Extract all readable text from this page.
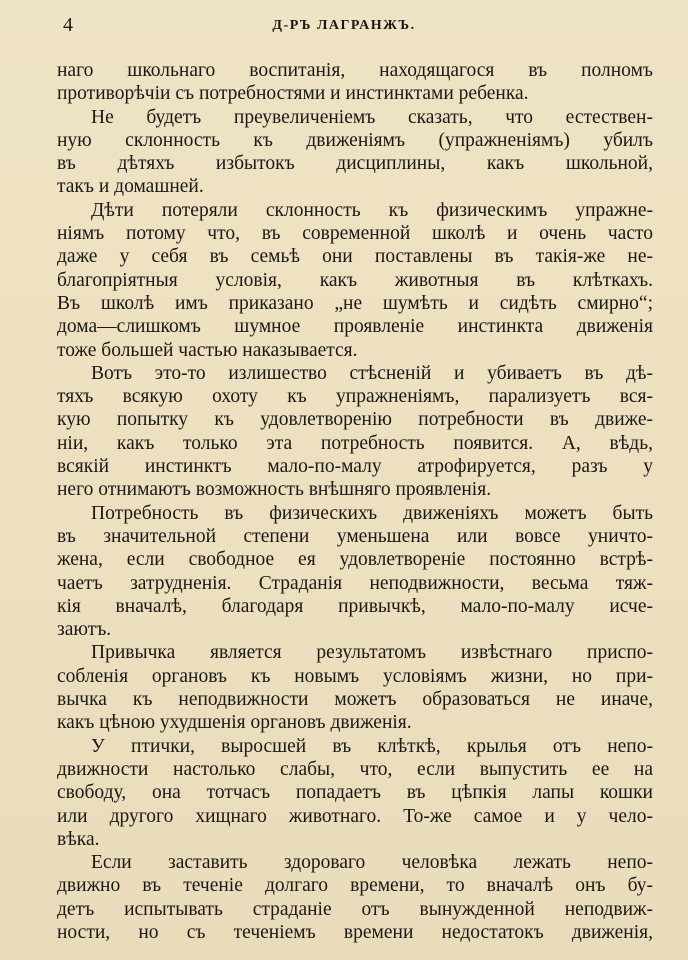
4	Д-РЪ ЛАГРАНЖЪ.
наго школьнаго воспитанія, находящагося въ полномъ
противорѣчіи съ потребностями и инстинктами ребенка.
Не будетъ преувеличеніемъ сказать, что естествен-
ную склонность къ движеніямъ (упражненіямъ) убилъ
въ дѣтяхъ избытокъ дисциплины, какъ школьной,
такъ и домашней.
Дѣти потеряли склонность къ физическимъ упражне-
ніямъ потому что, въ современной школѣ и очень часто
даже у себя въ семьѣ они поставлены въ такія-же не-
благопріятныя условія, какъ животныя въ клѣткахъ.
Въ школѣ имъ приказано „не шумѣть и сидѣть смирно“;
дома—слишкомъ шумное проявленіе инстинкта движенія
тоже большей частью наказывается.
Вотъ это-то излишество стѣсненій и убиваетъ въ дѣ-
тяхъ всякую охоту къ упражненіямъ, парализуетъ вся-
кую попытку къ удовлетворенію потребности въ движе-
ніи, какъ только эта потребность появится. А, вѣдь,
всякій инстинктъ мало-по-малу атрофируется, разъ у
него отнимаютъ возможность внѣшняго проявленія.
Потребность въ физическихъ движеніяхъ можетъ быть
въ значительной степени уменьшена или вовсе уничто-
жена, если свободное ея удовлетвореніе постоянно встрѣ-
чаетъ затрудненія. Страданія неподвижности, весьма тяж-
кія вначалѣ, благодаря привычкѣ, мало-по-малу исче-
заютъ.
Привычка является результатомъ извѣстнаго приспо-
собленія органовъ къ новымъ условіямъ жизни, но при-
вычка къ неподвижности можетъ образоваться не иначе,
какъ цѣною ухудшенія органовъ движенія.
У птички, выросшей въ клѣткѣ, крылья отъ непо-
движности настолько слабы, что, если выпустить ее на
свободу, она тотчасъ попадаетъ въ цѣпкія лапы кошки
или другого хищнаго животнаго. То-же самое и у чело-
вѣка.
Если заставить здороваго человѣка лежать непо-
движно въ теченіе долгаго времени, то вначалѣ онъ бу-
детъ испытывать страданіе отъ вынужденной неподвиж-
ности, но съ теченіемъ времени недостатокъ движенія,
